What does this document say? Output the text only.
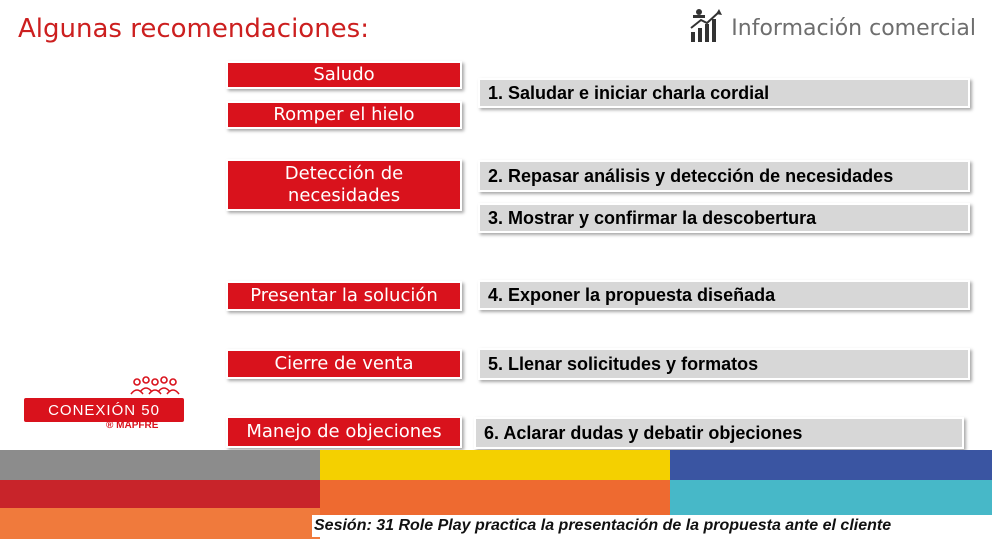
Algunas recomendaciones:	Información comercial
Saludo
Romper el hielo
Detección de necesidades
Presentar la solución
Cierre de venta
Manejo de objeciones
1. Saludar e iniciar charla cordial
2. Repasar análisis y detección de necesidades
3. Mostrar y confirmar la descobertura
4. Exponer la propuesta diseñada
5. Llenar solicitudes y formatos
6. Aclarar dudas y debatir objeciones
CONEXIÓN 50
® MAPFRE
Sesión: 31 Role Play practica la presentación de la propuesta ante el cliente
